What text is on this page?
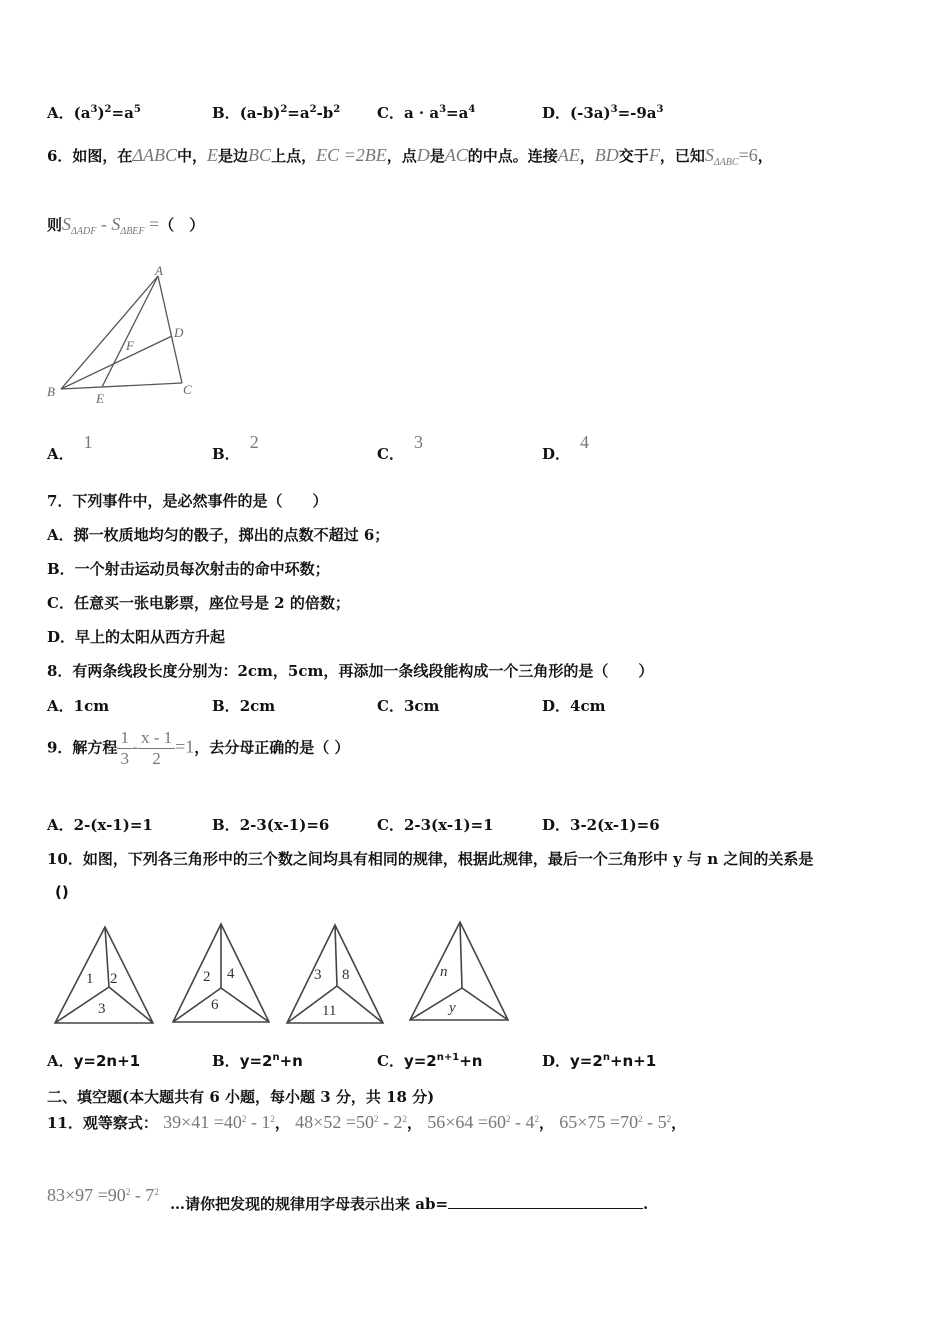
A．$(a^3)^2=a^5$	B．$(a-b)^2=a^2-b^2$ C．$a \cdot a^3=a^4$	D．$(-3a)^3=-9a^3$
6．如图，在ΔABC中，E是边BC上点，EC =2BE，点D是AC的中点。连接AE，BD交于F，已知$S_{\Delta ABC}=6$，
则$S_{\Delta ADF} - S_{\Delta BEF}$ =（　）
A
B	C
D
E
F
A．1
B．2
C．3
D．4
7．下列事件中，是必然事件的是（　　）
A．掷一枚质地均匀的骰子，掷出的点数不超过 6；
B．一个射击运动员每次射击的命中环数；
C．任意买一张电影票，座位号是 2 的倍数；
D．早上的太阳从西方升起
8．有两条线段长度分别为：2cm，5cm，再添加一条线段能构成一个三角形的是（　　）
A．1cm	B．2cm	C．3cm	D．4cm
9．解方程 $\frac{1}{3} - \frac{x - 1}{2} =1$，去分母正确的是（ ）
A．2-(x-1)=1	B．2-3(x-1)=6	C．2-3(x-1)=1	D．3-2(x-1)=6
10．如图，下列各三角形中的三个数之间均具有相同的规律，根据此规律，最后一个三角形中 y 与 n 之间的关系是
()
1 2
3
2 4
6
3 8
11
n
y
A．y=2n+1	B．$y=2^n+n$	C．$y=2^{n+1}+n$	D．$y=2^n+n+1$
二、填空题(本大题共有 6 小题，每小题 3 分，共 18 分)
11．观等察式： $39\times 41 =40^2 - 1^2$， $48\times 52 =50^2 - 2^2$， $56\times 64 =60^2 - 4^2$， $65\times 75 =70^2 - 5^2$，
$83\times 97 =90^2 - 7^2$ …请你把发现的规律用字母表示出来 ab=	.
